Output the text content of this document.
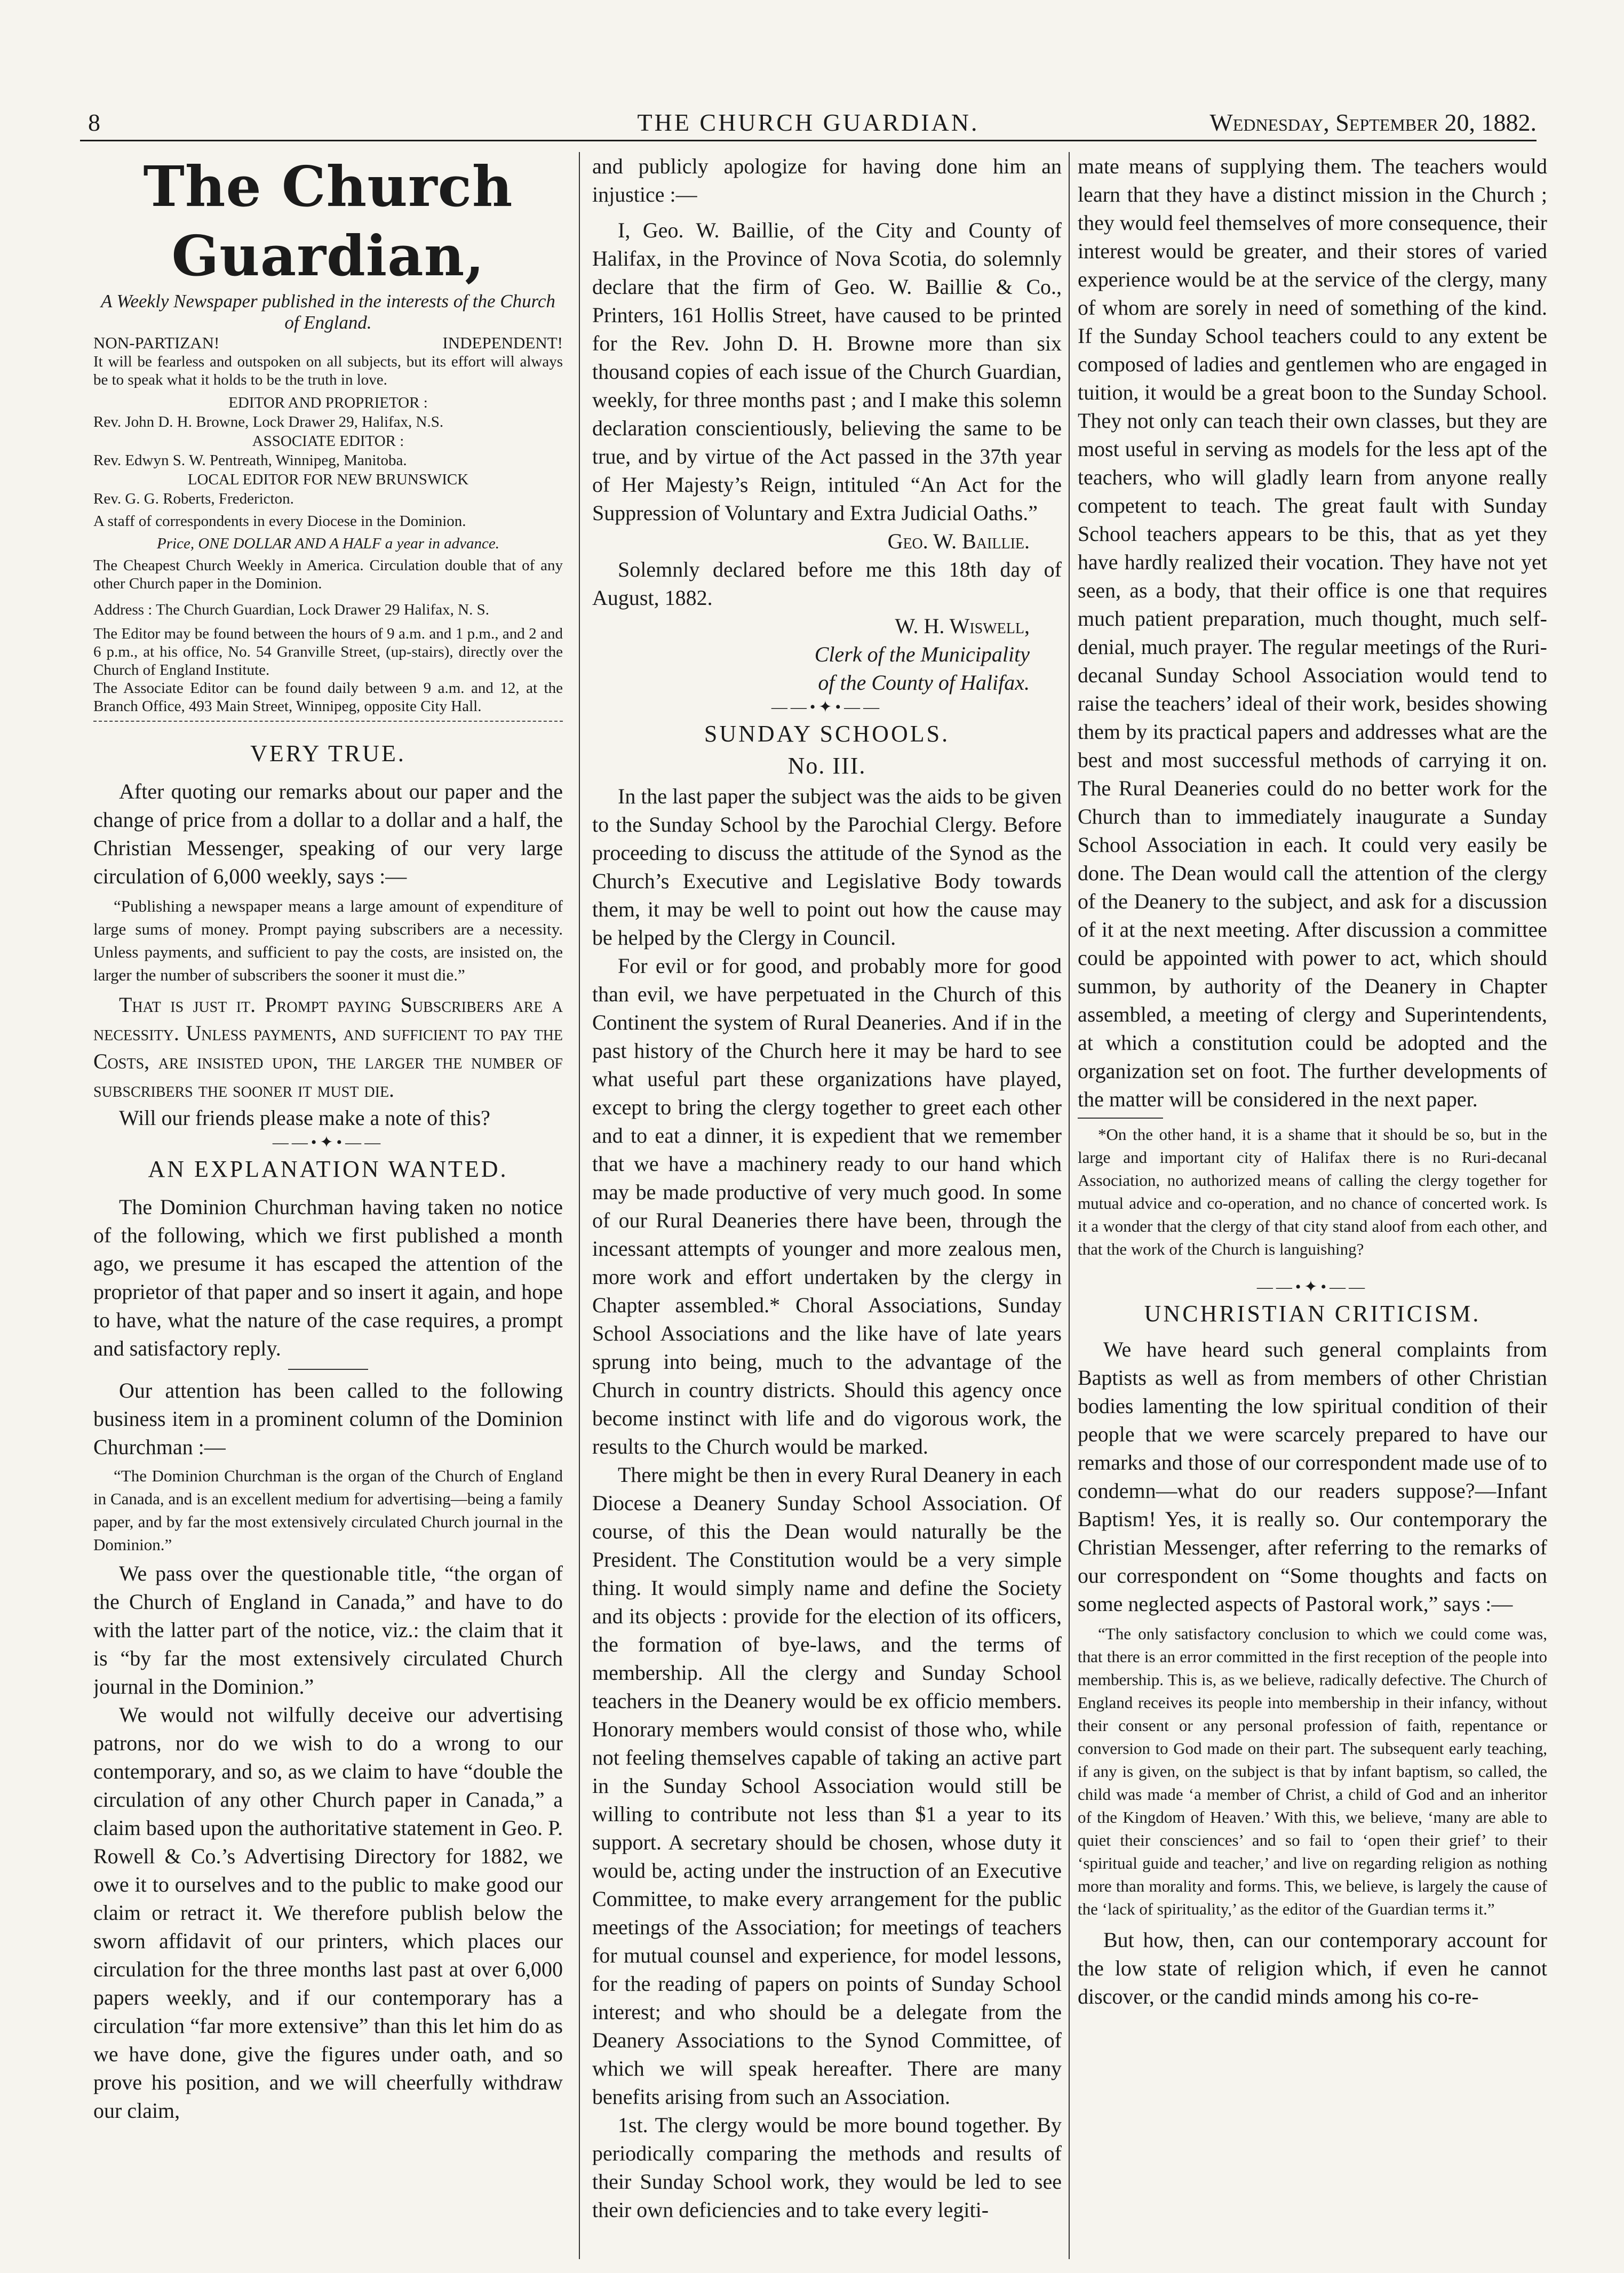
8	THE CHURCH GUARDIAN.	Wednesday, September 20, 1882.

The Church Guardian,

A Weekly Newspaper published in the interests of the Church of England.

NON-PARTIZAN!	INDEPENDENT!

It will be fearless and outspoken on all subjects, but its effort will always be to speak what it holds to be the truth in love.

EDITOR AND PROPRIETOR :

Rev. John D. H. Browne, Lock Drawer 29, Halifax, N.S.

ASSOCIATE EDITOR :

Rev. Edwyn S. W. Pentreath, Winnipeg, Manitoba.

LOCAL EDITOR FOR NEW BRUNSWICK

Rev. G. G. Roberts, Fredericton.

A staff of correspondents in every Diocese in the Dominion.

Price, ONE DOLLAR AND A HALF a year in advance.

The Cheapest Church Weekly in America. Circulation double that of any other Church paper in the Dominion.

Address : The Church Guardian, Lock Drawer 29 Halifax, N. S.

The Editor may be found between the hours of 9 a.m. and 1 p.m., and 2 and 6 p.m., at his office, No. 54 Granville Street, (up-stairs), directly over the Church of England Institute.

The Associate Editor can be found daily between 9 a.m. and 12, at the Branch Office, 493 Main Street, Winnipeg, opposite City Hall.

VERY TRUE.

After quoting our remarks about our paper and the change of price from a dollar to a dollar and a half, the Christian Messenger, speaking of our very large circulation of 6,000 weekly, says :—

“Publishing a newspaper means a large amount of expenditure of large sums of money. Prompt paying subscribers are a necessity. Unless payments, and sufficient to pay the costs, are insisted on, the larger the number of subscribers the sooner it must die.”

That is just it. Prompt paying Subscribers are a necessity. Unless payments, and sufficient to pay the Costs, are insisted upon, the larger the number of subscribers the sooner it must die.

Will our friends please make a note of this?

——•✦•——

AN EXPLANATION WANTED.

The Dominion Churchman having taken no notice of the following, which we first published a month ago, we presume it has escaped the attention of the proprietor of that paper and so insert it again, and hope to have, what the nature of the case requires, a prompt and satisfactory reply.

Our attention has been called to the following business item in a prominent column of the Dominion Churchman :—

“The Dominion Churchman is the organ of the Church of England in Canada, and is an excellent medium for advertising—being a family paper, and by far the most extensively circulated Church journal in the Dominion.”

We pass over the questionable title, “the organ of the Church of England in Canada,” and have to do with the latter part of the notice, viz.: the claim that it is “by far the most extensively circulated Church journal in the Dominion.”

We would not wilfully deceive our advertising patrons, nor do we wish to do a wrong to our contemporary, and so, as we claim to have “double the circulation of any other Church paper in Canada,” a claim based upon the authoritative statement in Geo. P. Rowell & Co.’s Advertising Directory for 1882, we owe it to ourselves and to the public to make good our claim or retract it. We therefore publish below the sworn affidavit of our printers, which places our circulation for the three months last past at over 6,000 papers weekly, and if our contemporary has a circulation “far more extensive” than this let him do as we have done, give the figures under oath, and so prove his position, and we will cheerfully withdraw our claim,

and publicly apologize for having done him an injustice :—

I, Geo. W. Baillie, of the City and County of Halifax, in the Province of Nova Scotia, do solemnly declare that the firm of Geo. W. Baillie & Co., Printers, 161 Hollis Street, have caused to be printed for the Rev. John D. H. Browne more than six thousand copies of each issue of the Church Guardian, weekly, for three months past ; and I make this solemn declaration conscientiously, believing the same to be true, and by virtue of the Act passed in the 37th year of Her Majesty’s Reign, intituled “An Act for the Suppression of Voluntary and Extra Judicial Oaths.”

Geo. W. Baillie.

Solemnly declared before me this 18th day of August, 1882.

W. H. Wiswell,

Clerk of the Municipality

of the County of Halifax.

——•✦•——

SUNDAY SCHOOLS.

No. III.

In the last paper the subject was the aids to be given to the Sunday School by the Parochial Clergy. Before proceeding to discuss the attitude of the Synod as the Church’s Executive and Legislative Body towards them, it may be well to point out how the cause may be helped by the Clergy in Council.

For evil or for good, and probably more for good than evil, we have perpetuated in the Church of this Continent the system of Rural Deaneries. And if in the past history of the Church here it may be hard to see what useful part these organizations have played, except to bring the clergy together to greet each other and to eat a dinner, it is expedient that we remember that we have a machinery ready to our hand which may be made productive of very much good. In some of our Rural Deaneries there have been, through the incessant attempts of younger and more zealous men, more work and effort undertaken by the clergy in Chapter assembled.* Choral Associations, Sunday School Associations and the like have of late years sprung into being, much to the advantage of the Church in country districts. Should this agency once become instinct with life and do vigorous work, the results to the Church would be marked.

There might be then in every Rural Deanery in each Diocese a Deanery Sunday School Association. Of course, of this the Dean would naturally be the President. The Constitution would be a very simple thing. It would simply name and define the Society and its objects : provide for the election of its officers, the formation of bye-laws, and the terms of membership. All the clergy and Sunday School teachers in the Deanery would be ex officio members. Honorary members would consist of those who, while not feeling themselves capable of taking an active part in the Sunday School Association would still be willing to contribute not less than $1 a year to its support. A secretary should be chosen, whose duty it would be, acting under the instruction of an Executive Committee, to make every arrangement for the public meetings of the Association; for meetings of teachers for mutual counsel and experience, for model lessons, for the reading of papers on points of Sunday School interest; and who should be a delegate from the Deanery Associations to the Synod Committee, of which we will speak hereafter. There are many benefits arising from such an Association.

1st. The clergy would be more bound together. By periodically comparing the methods and results of their Sunday School work, they would be led to see their own deficiencies and to take every legiti-

mate means of supplying them. The teachers would learn that they have a distinct mission in the Church ; they would feel themselves of more consequence, their interest would be greater, and their stores of varied experience would be at the service of the clergy, many of whom are sorely in need of something of the kind. If the Sunday School teachers could to any extent be composed of ladies and gentlemen who are engaged in tuition, it would be a great boon to the Sunday School. They not only can teach their own classes, but they are most useful in serving as models for the less apt of the teachers, who will gladly learn from anyone really competent to teach. The great fault with Sunday School teachers appears to be this, that as yet they have hardly realized their vocation. They have not yet seen, as a body, that their office is one that requires much patient preparation, much thought, much self-denial, much prayer. The regular meetings of the Ruri-decanal Sunday School Association would tend to raise the teachers’ ideal of their work, besides showing them by its practical papers and addresses what are the best and most successful methods of carrying it on. The Rural Deaneries could do no better work for the Church than to immediately inaugurate a Sunday School Association in each. It could very easily be done. The Dean would call the attention of the clergy of the Deanery to the subject, and ask for a discussion of it at the next meeting. After discussion a committee could be appointed with power to act, which should summon, by authority of the Deanery in Chapter assembled, a meeting of clergy and Superintendents, at which a constitution could be adopted and the organization set on foot. The further developments of the matter will be considered in the next paper.

*On the other hand, it is a shame that it should be so, but in the large and important city of Halifax there is no Ruri-decanal Association, no authorized means of calling the clergy together for mutual advice and co-operation, and no chance of concerted work. Is it a wonder that the clergy of that city stand aloof from each other, and that the work of the Church is languishing?

——•✦•——

UNCHRISTIAN CRITICISM.

We have heard such general complaints from Baptists as well as from members of other Christian bodies lamenting the low spiritual condition of their people that we were scarcely prepared to have our remarks and those of our correspondent made use of to condemn—what do our readers suppose?—Infant Baptism! Yes, it is really so. Our contemporary the Christian Messenger, after referring to the remarks of our correspondent on “Some thoughts and facts on some neglected aspects of Pastoral work,” says :—

“The only satisfactory conclusion to which we could come was, that there is an error committed in the first reception of the people into membership. This is, as we believe, radically defective. The Church of England receives its people into membership in their infancy, without their consent or any personal profession of faith, repentance or conversion to God made on their part. The subsequent early teaching, if any is given, on the subject is that by infant baptism, so called, the child was made ‘a member of Christ, a child of God and an inheritor of the Kingdom of Heaven.’ With this, we believe, ‘many are able to quiet their consciences’ and so fail to ‘open their grief’ to their ‘spiritual guide and teacher,’ and live on regarding religion as nothing more than morality and forms. This, we believe, is largely the cause of the ‘lack of spirituality,’ as the editor of the Guardian terms it.”

But how, then, can our contemporary account for the low state of religion which, if even he cannot discover, or the candid minds among his co-re-
